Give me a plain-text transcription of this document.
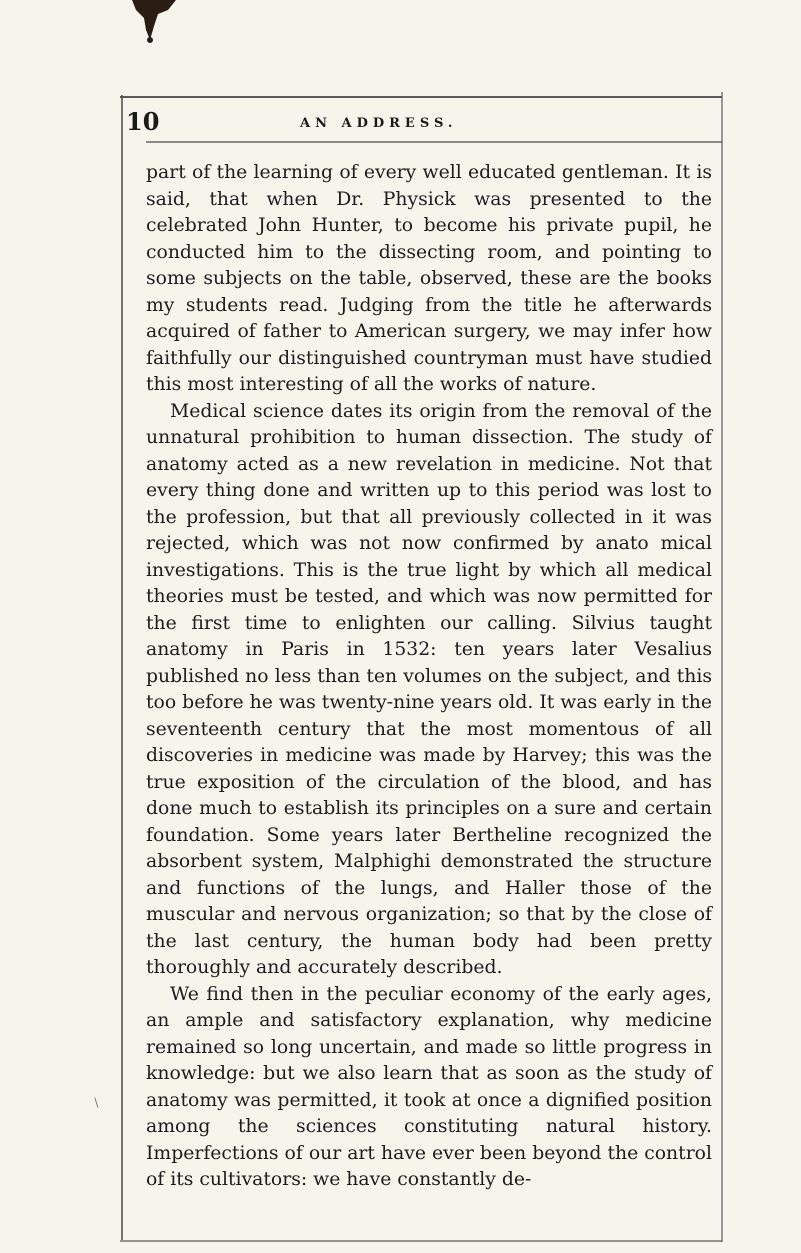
10	AN ADDRESS.

part of the learning of every well educated gentleman. It is said, that when Dr. Physick was presented to the celebrated John Hunter, to become his private pupil, he conducted him to the dissecting room, and pointing to some subjects on the table, observed, these are the books my students read. Judging from the title he afterwards acquired of father to American surgery, we may infer how faithfully our distinguished countryman must have studied this most interesting of all the works of nature.

Medical science dates its origin from the removal of the unnatural prohibition to human dissection. The study of anatomy acted as a new revelation in medicine. Not that every thing done and written up to this period was lost to the profession, but that all previously collected in it was rejected, which was not now confirmed by anato mical investigations. This is the true light by which all medical theories must be tested, and which was now permitted for the first time to enlighten our calling. Silvius taught anatomy in Paris in 1532: ten years later Vesalius published no less than ten volumes on the subject, and this too before he was twenty-nine years old. It was early in the seventeenth century that the most momentous of all discoveries in medicine was made by Harvey; this was the true exposition of the circulation of the blood, and has done much to establish its principles on a sure and certain foundation. Some years later Bertheline recognized the absorbent system, Malphighi demonstrated the structure and functions of the lungs, and Haller those of the muscular and nervous organization; so that by the close of the last century, the human body had been pretty thoroughly and accurately described.

We find then in the peculiar economy of the early ages, an ample and satisfactory explanation, why medicine remained so long uncertain, and made so little progress in knowledge: but we also learn that as soon as the study of anatomy was permitted, it took at once a dignified position among the sciences constituting natural history. Imperfections of our art have ever been beyond the control of its cultivators: we have constantly de-

∖
